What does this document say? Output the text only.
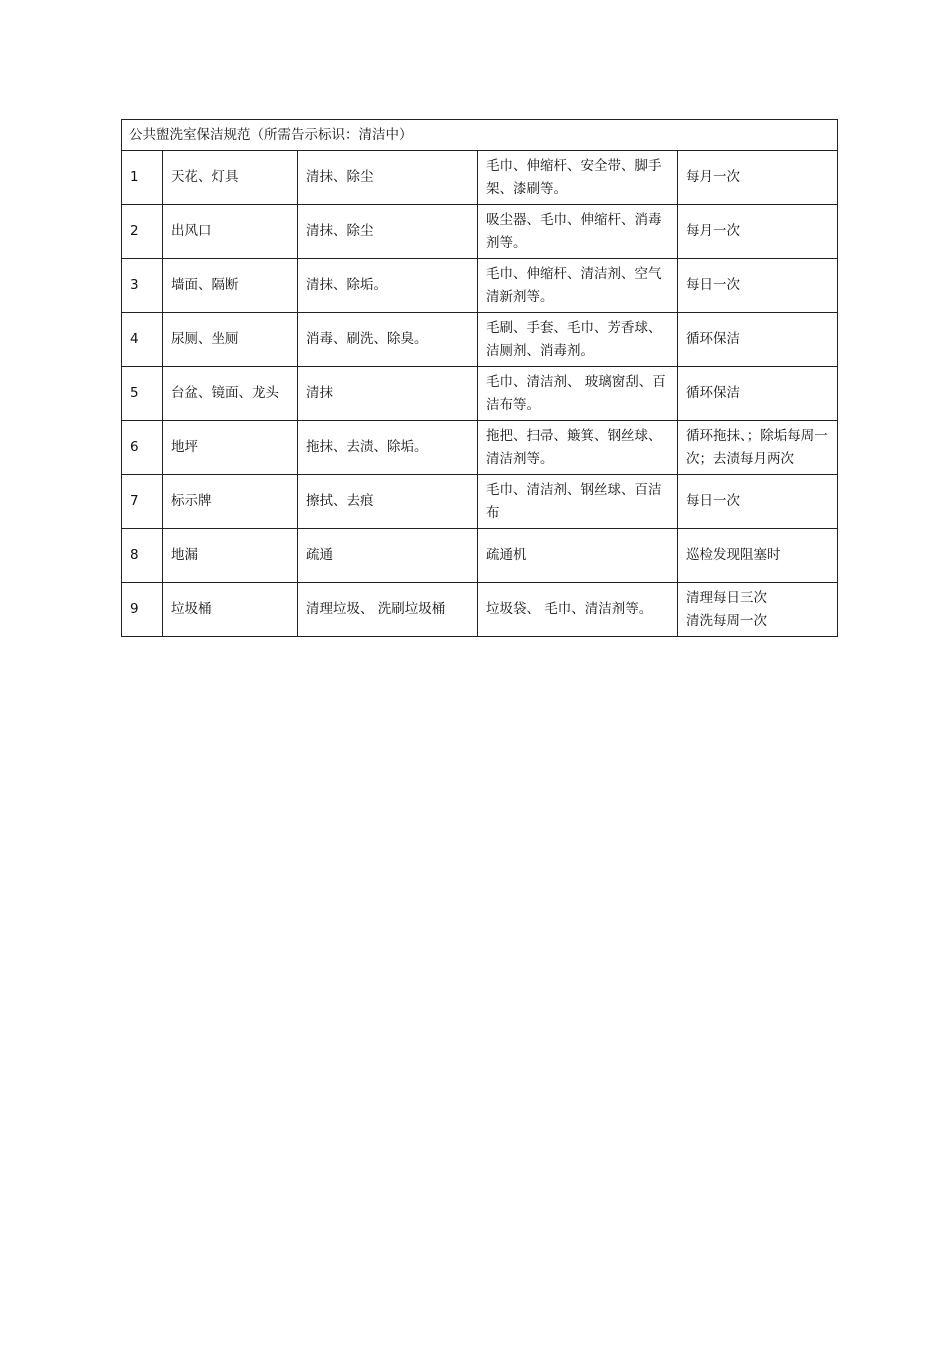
公共盥洗室保洁规范（所需告示标识：清洁中）				
1	天花、灯具	清抹、除尘	毛巾、伸缩杆、安全带、脚手架、漆刷等。	每月一次
2	出风口	清抹、除尘	吸尘器、毛巾、伸缩杆、消毒剂等。	每月一次
3	墙面、隔断	清抹、除垢。	毛巾、伸缩杆、清洁剂、空气清新剂等。	每日一次
4	尿厕、坐厕	消毒、刷洗、除臭。	毛刷、手套、毛巾、芳香球、洁厕剂、消毒剂。	循环保洁
5	台盆、镜面、龙头	清抹	毛巾、清洁剂、 玻璃窗刮、百洁布等。	循环保洁
6	地坪	拖抹、去渍、除垢。	拖把、扫帚、簸箕、钢丝球、清洁剂等。	循环拖抹、；除垢每周一次；去渍每月两次
7	标示牌	擦拭、去痕	毛巾、清洁剂、钢丝球、百洁布	每日一次
8	地漏	疏通	疏通机	巡检发现阻塞时
9	垃圾桶	清理垃圾、 洗刷垃圾桶	垃圾袋、 毛巾、清洁剂等。	清理每日三次
清洗每周一次
